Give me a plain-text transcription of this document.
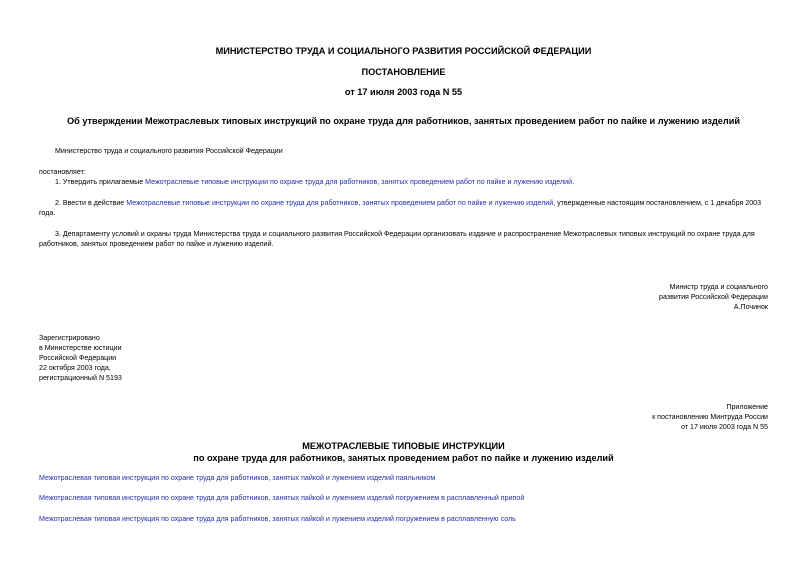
МИНИСТЕРСТВО ТРУДА И СОЦИАЛЬНОГО РАЗВИТИЯ РОССИЙСКОЙ ФЕДЕРАЦИИ
ПОСТАНОВЛЕНИЕ
от 17 июля 2003 года N 55
Об утверждении Межотраслевых типовых инструкций по охране труда для работников, занятых проведением работ по пайке и лужению изделий
Министерство труда и социального развития Российской Федерации
постановляет:
1. Утвердить прилагаемые Межотраслевые типовые инструкции по охране труда для работников, занятых проведением работ по пайке и лужению изделий.
2. Ввести в действие Межотраслевые типовые инструкции по охране труда для работников, занятых проведением работ по пайке и лужению изделий, утвержденные настоящим постановлением, с 1 декабря 2003
года.
3. Департаменту условий и охраны труда Министерства труда и социального развития Российской Федерации организовать издание и распространение Межотраслевых типовых инструкций по охране труда для
работников, занятых проведением работ по пайке и лужению изделий.
Министр труда и социального
развития Российской Федерации
А.Починок
Зарегистрировано
в Министерстве юстиции
Российской Федерации
22 октября 2003 года,
регистрационный N 5193
Приложение
к постановлению Минтруда России
от 17 июля 2003 года N 55
МЕЖОТРАСЛЕВЫЕ ТИПОВЫЕ ИНСТРУКЦИИ
по охране труда для работников, занятых проведением работ по пайке и лужению изделий
Межотраслевая типовая инструкция по охране труда для работников, занятых пайкой и лужением изделий паяльником
Межотраслевая типовая инструкция по охране труда для работников, занятых пайкой и лужением изделий погружением в расплавленный припой
Межотраслевая типовая инструкция по охране труда для работников, занятых пайкой и лужением изделий погружением в расплавленную соль
